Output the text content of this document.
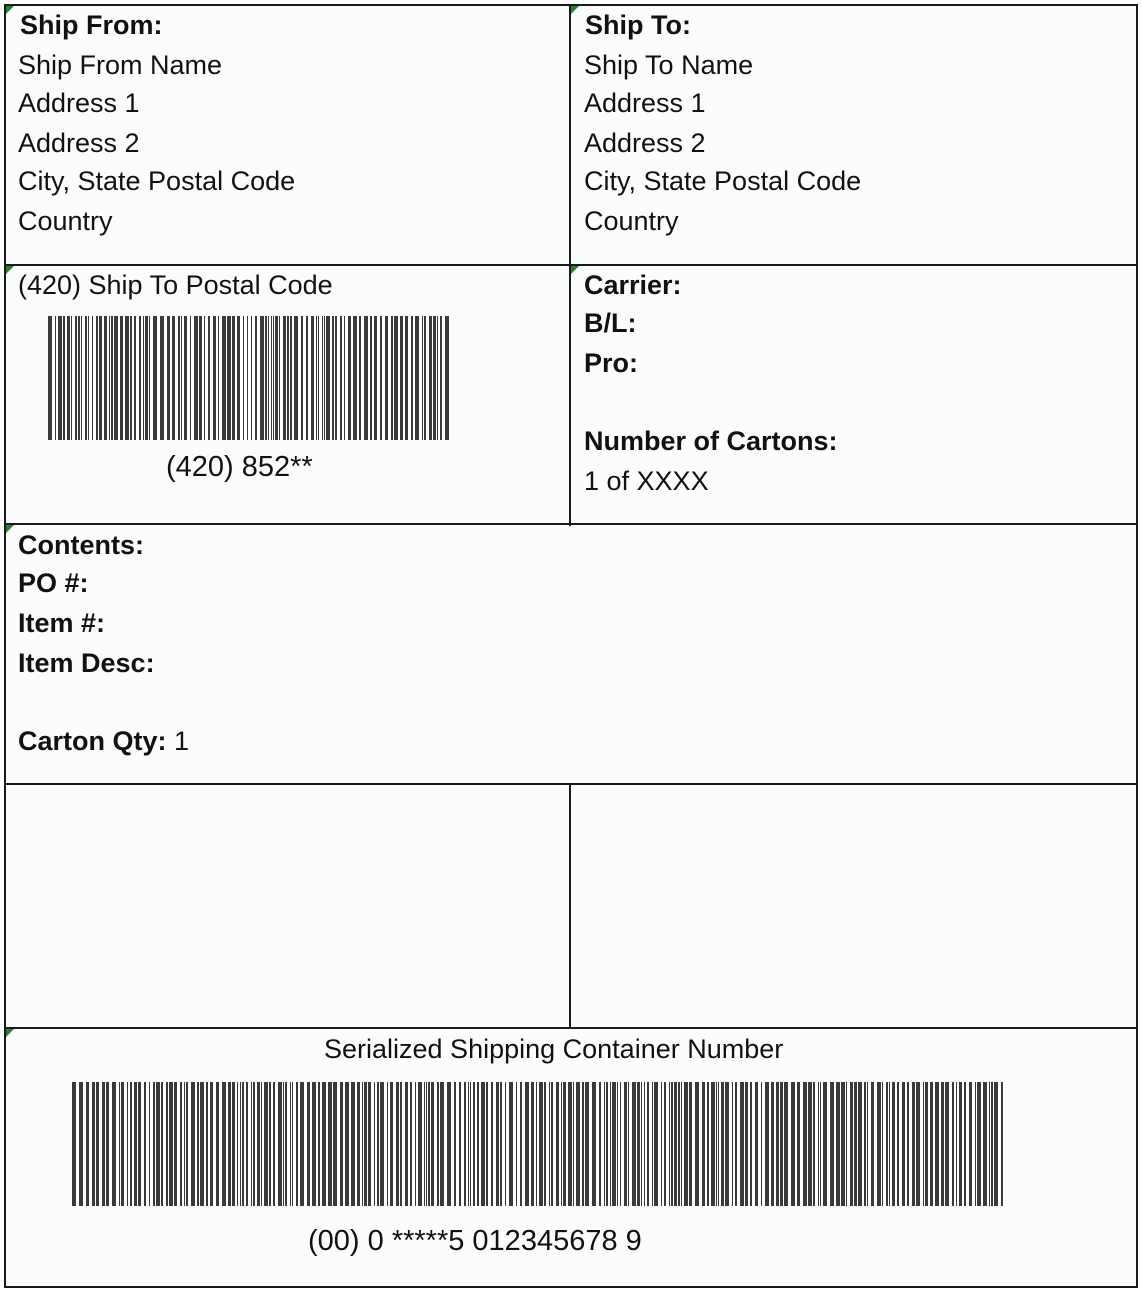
Ship From:
Ship From Name
Address 1
Address 2
City, State Postal Code
Country
Ship To:
Ship To Name
Address 1
Address 2
City, State Postal Code
Country
(420) Ship To Postal Code
(420) 852**
Carrier:
B/L:
Pro:
Number of Cartons:
1 of XXXX
Contents:
PO #:
Item #:
Item Desc:
Carton Qty: 1
Serialized Shipping Container Number
(00) 0 *****5 012345678 9
